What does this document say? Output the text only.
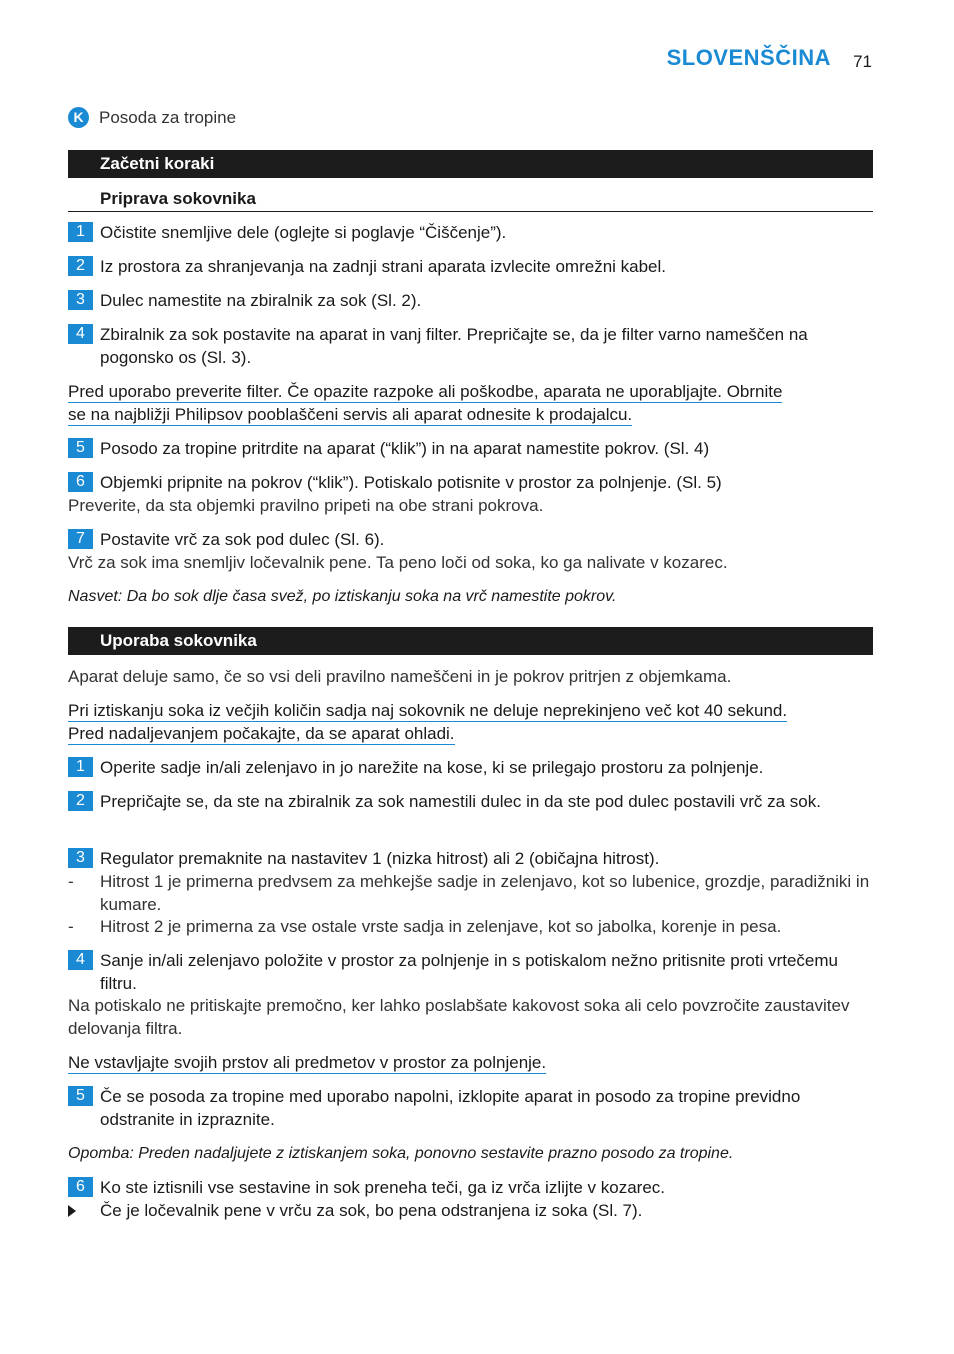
SLOVENŠČINA 71
K Posoda za tropine
Začetni koraki
Priprava sokovnika
1 Očistite snemljive dele (oglejte si poglavje “Čiščenje”).
2 Iz prostora za shranjevanja na zadnji strani aparata izvlecite omrežni kabel.
3 Dulec namestite na zbiralnik za sok (Sl. 2).
4 Zbiralnik za sok postavite na aparat in vanj filter. Prepričajte se, da je filter varno nameščen na pogonsko os (Sl. 3).
Pred uporabo preverite filter. Če opazite razpoke ali poškodbe, aparata ne uporabljajte. Obrnite
se na najbližji Philipsov pooblaščeni servis ali aparat odnesite k prodajalcu.
5 Posodo za tropine pritrdite na aparat (“klik”) in na aparat namestite pokrov. (Sl. 4)
6 Objemki pripnite na pokrov (“klik”). Potiskalo potisnite v prostor za polnjenje. (Sl. 5)
Preverite, da sta objemki pravilno pripeti na obe strani pokrova.
7 Postavite vrč za sok pod dulec (Sl. 6).
Vrč za sok ima snemljiv ločevalnik pene. Ta peno loči od soka, ko ga nalivate v kozarec.
Nasvet: Da bo sok dlje časa svež, po iztiskanju soka na vrč namestite pokrov.
Uporaba sokovnika
Aparat deluje samo, če so vsi deli pravilno nameščeni in je pokrov pritrjen z objemkama.
Pri iztiskanju soka iz večjih količin sadja naj sokovnik ne deluje neprekinjeno več kot 40 sekund.
Pred nadaljevanjem počakajte, da se aparat ohladi.
1 Operite sadje in/ali zelenjavo in jo narežite na kose, ki se prilegajo prostoru za polnjenje.
2 Prepričajte se, da ste na zbiralnik za sok namestili dulec in da ste pod dulec postavili vrč za sok.
3 Regulator premaknite na nastavitev 1 (nizka hitrost) ali 2 (običajna hitrost).
- Hitrost 1 je primerna predvsem za mehkejše sadje in zelenjavo, kot so lubenice, grozdje, paradižniki in kumare.
- Hitrost 2 je primerna za vse ostale vrste sadja in zelenjave, kot so jabolka, korenje in pesa.
4 Sanje in/ali zelenjavo položite v prostor za polnjenje in s potiskalom nežno pritisnite proti vrtečemu filtru.
Na potiskalo ne pritiskajte premočno, ker lahko poslabšate kakovost soka ali celo povzročite zaustavitev delovanja filtra.
Ne vstavljajte svojih prstov ali predmetov v prostor za polnjenje.
5 Če se posoda za tropine med uporabo napolni, izklopite aparat in posodo za tropine previdno odstranite in izpraznite.
Opomba: Preden nadaljujete z iztiskanjem soka, ponovno sestavite prazno posodo za tropine.
6 Ko ste iztisnili vse sestavine in sok preneha teči, ga iz vrča izlijte v kozarec.
Če je ločevalnik pene v vrču za sok, bo pena odstranjena iz soka (Sl. 7).
